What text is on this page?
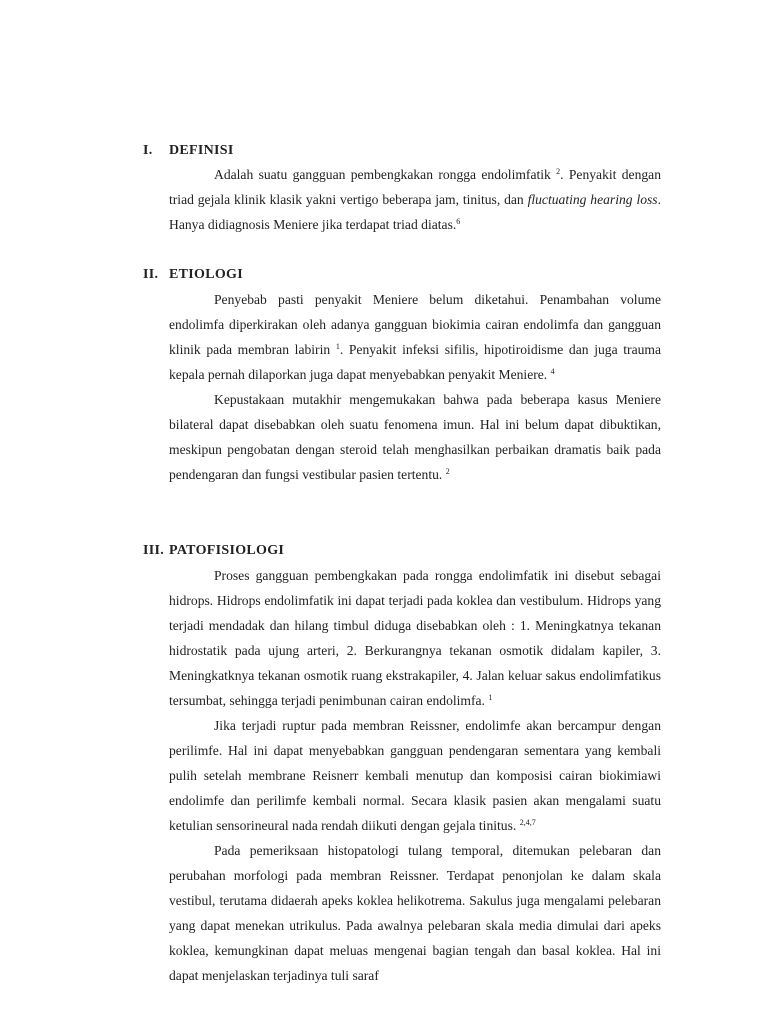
I. DEFINISI

Adalah suatu gangguan pembengkakan rongga endolimfatik $^2$. Penyakit dengan triad gejala klinik klasik yakni vertigo beberapa jam, tinitus, dan fluctuating hearing loss. Hanya didiagnosis Meniere jika terdapat triad diatas.$^6$

II. ETIOLOGI

Penyebab pasti penyakit Meniere belum diketahui. Penambahan volume endolimfa diperkirakan oleh adanya gangguan biokimia cairan endolimfa dan gangguan klinik pada membran labirin $^1$. Penyakit infeksi sifilis, hipotiroidisme dan juga trauma kepala pernah dilaporkan juga dapat menyebabkan penyakit Meniere. $^4$

Kepustakaan mutakhir mengemukakan bahwa pada beberapa kasus Meniere bilateral dapat disebabkan oleh suatu fenomena imun. Hal ini belum dapat dibuktikan, meskipun pengobatan dengan steroid telah menghasilkan perbaikan dramatis baik pada pendengaran dan fungsi vestibular pasien tertentu. $^2$

III. PATOFISIOLOGI

Proses gangguan pembengkakan pada rongga endolimfatik ini disebut sebagai hidrops. Hidrops endolimfatik ini dapat terjadi pada koklea dan vestibulum. Hidrops yang terjadi mendadak dan hilang timbul diduga disebabkan oleh : 1. Meningkatnya tekanan hidrostatik pada ujung arteri, 2. Berkurangnya tekanan osmotik didalam kapiler, 3. Meningkatknya tekanan osmotik ruang ekstrakapiler, 4. Jalan keluar sakus endolimfatikus tersumbat, sehingga terjadi penimbunan cairan endolimfa. $^1$

Jika terjadi ruptur pada membran Reissner, endolimfe akan bercampur dengan perilimfe. Hal ini dapat menyebabkan gangguan pendengaran sementara yang kembali pulih setelah membrane Reisnerr kembali menutup dan komposisi cairan biokimiawi endolimfe dan perilimfe kembali normal. Secara klasik pasien akan mengalami suatu ketulian sensorineural nada rendah diikuti dengan gejala tinitus. $^{2,4,7}$

Pada pemeriksaan histopatologi tulang temporal, ditemukan pelebaran dan perubahan morfologi pada membran Reissner. Terdapat penonjolan ke dalam skala vestibul, terutama didaerah apeks koklea helikotrema. Sakulus juga mengalami pelebaran yang dapat menekan utrikulus. Pada awalnya pelebaran skala media dimulai dari apeks koklea, kemungkinan dapat meluas mengenai bagian tengah dan basal koklea. Hal ini dapat menjelaskan terjadinya tuli saraf
